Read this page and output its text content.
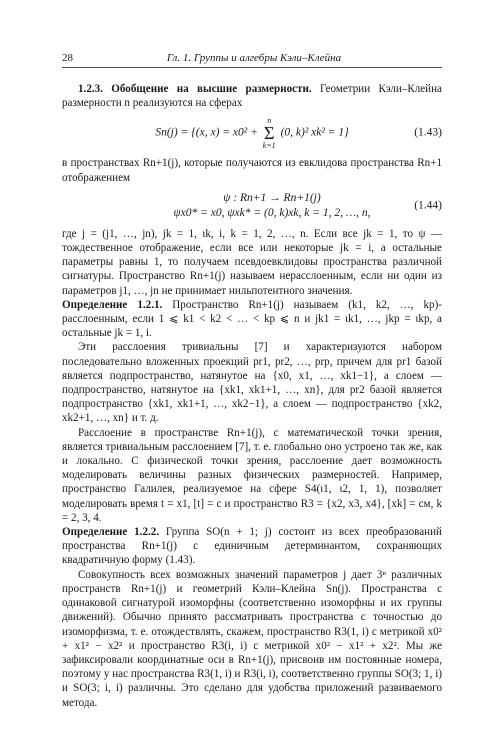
28	Гл. 1. Группы и алгебры Кэли–Клейна

1.2.3. Обобщение на высшие размерности. Геометрии Кэли–Клейна размерности n реализуются на сферах

Sn(j) = {(x, x) = x0² + n
Σ
k=1 (0, k)² xk² = 1}	(1.43)

в пространствах Rn+1(j), которые получаются из евклидова пространства Rn+1 отображением

ψ : Rn+1 → Rn+1(j)
ψx0* = x0, ψxk* = (0, k)xk, k = 1, 2, …, n,
(1.44)

где j = (j1, …, jn), jk = 1, ιk, i, k = 1, 2, …, n. Если все jk = 1, то ψ — тождественное отображение, если все или некоторые jk = i, а остальные параметры равны 1, то получаем псевдоевклидовы пространства различной сигнатуры. Пространство Rn+1(j) называем нерасслоенным, если ни один из параметров j1, …, jn не принимает нильпотентного значения.

Определение 1.2.1. Пространство Rn+1(j) называем (k1, k2, …, kp)-расслоенным, если 1 ⩽ k1 < k2 < … < kp ⩽ n и jk1 = ιk1, …, jkp = ιkp, а остальные jk = 1, i.

Эти расслоения тривиальны [7] и характеризуются набором последовательно вложенных проекций pr1, pr2, …, prp, причем для pr1 базой является подпространство, натянутое на {x0, x1, …, xk1−1}, а слоем — подпространство, натянутое на {xk1, xk1+1, …, xn}, для pr2 базой является подпространство {xk1, xk1+1, …, xk2−1}, а слоем — подпространство {xk2, xk2+1, …, xn} и т. д.

Расслоение в пространстве Rn+1(j), с математической точки зрения, является тривиальным расслоением [7], т. е. глобально оно устроено так же, как и локально. С физической точки зрения, расслоение дает возможность моделировать величины разных физических размерностей. Например, пространство Галилея, реализуемое на сфере S4(ι1, ι2, 1, 1), позволяет моделировать время t = x1, [t] = с и пространство R3 = {x2, x3, x4}, [xk] = см, k = 2, 3, 4.

Определение 1.2.2. Группа SO(n + 1; j) состоит из всех преобразований пространства Rn+1(j) с единичным детерминантом, сохраняющих квадратичную форму (1.43).

Совокупность всех возможных значений параметров j дает 3ⁿ различных пространств Rn+1(j) и геометрий Кэли–Клейна Sn(j). Пространства с одинаковой сигнатурой изоморфны (соответственно изоморфны и их группы движений). Обычно принято рассматривать пространства с точностью до изоморфизма, т. е. отождествлять, скажем, пространство R3(1, i) с метрикой x0² + x1² − x2² и пространство R3(i, i) с метрикой x0² − x1² + x2². Мы же зафиксировали координатные оси в Rn+1(j), присвоив им постоянные номера, поэтому у нас пространства R3(1, i) и R3(i, i), соответственно группы SO(3; 1, i) и SO(3; i, i) различны. Это сделано для удобства приложений развиваемого метода.
